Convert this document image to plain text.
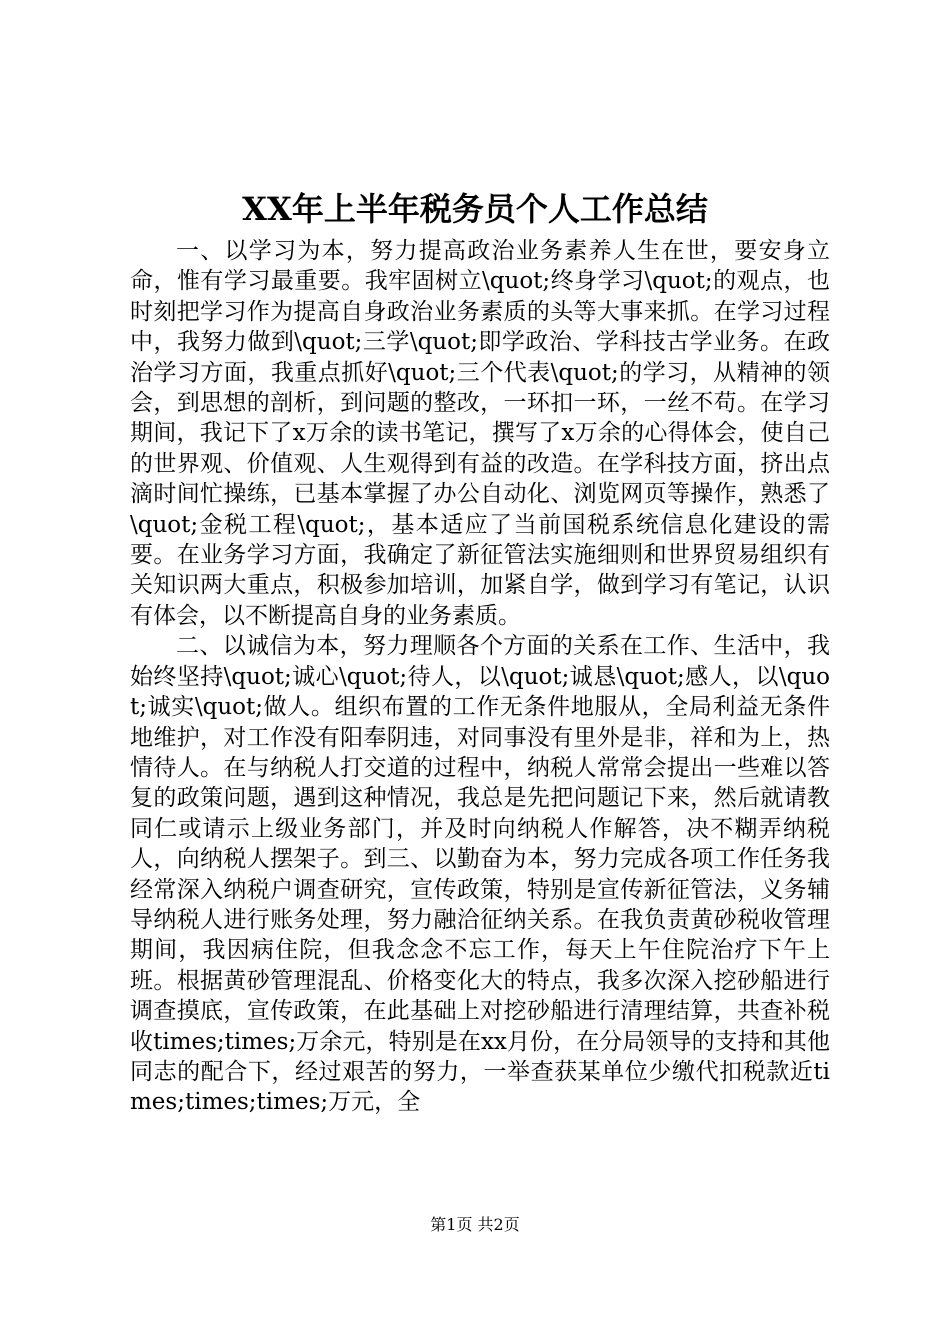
XX年上半年税务员个人工作总结

一、以学习为本，努力提高政治业务素养人生在世，要安身立命，惟有学习最重要。我牢固树立\quot;终身学习\quot;的观点，也时刻把学习作为提高自身政治业务素质的头等大事来抓。在学习过程中，我努力做到\quot;三学\quot;即学政治、学科技古学业务。在政治学习方面，我重点抓好\quot;三个代表\quot;的学习，从精神的领会，到思想的剖析，到问题的整改，一环扣一环，一丝不苟。在学习期间，我记下了x万余的读书笔记，撰写了x万余的心得体会，使自己的世界观、价值观、人生观得到有益的改造。在学科技方面，挤出点滴时间忙操练，已基本掌握了办公自动化、浏览网页等操作，熟悉了\quot;金税工程\quot;，基本适应了当前国税系统信息化建设的需要。在业务学习方面，我确定了新征管法实施细则和世界贸易组织有关知识两大重点，积极参加培训，加紧自学，做到学习有笔记，认识有体会，以不断提高自身的业务素质。

二、以诚信为本，努力理顺各个方面的关系在工作、生活中，我始终坚持\quot;诚心\quot;待人，以\quot;诚恳\quot;感人，以\quot;诚实\quot;做人。组织布置的工作无条件地服从，全局利益无条件地维护，对工作没有阳奉阴违，对同事没有里外是非，祥和为上，热情待人。在与纳税人打交道的过程中，纳税人常常会提出一些难以答复的政策问题，遇到这种情况，我总是先把问题记下来，然后就请教同仁或请示上级业务部门，并及时向纳税人作解答，决不糊弄纳税人，向纳税人摆架子。到三、以勤奋为本，努力完成各项工作任务我经常深入纳税户调查研究，宣传政策，特别是宣传新征管法，义务辅导纳税人进行账务处理，努力融洽征纳关系。在我负责黄砂税收管理期间，我因病住院，但我念念不忘工作，每天上午住院治疗下午上班。根据黄砂管理混乱、价格变化大的特点，我多次深入挖砂船进行调查摸底，宣传政策，在此基础上对挖砂船进行清理结算，共查补税收times;times;万余元，特别是在xx月份，在分局领导的支持和其他同志的配合下，经过艰苦的努力，一举查获某单位少缴代扣税款近times;times;times;万元，全

第1页 共2页
